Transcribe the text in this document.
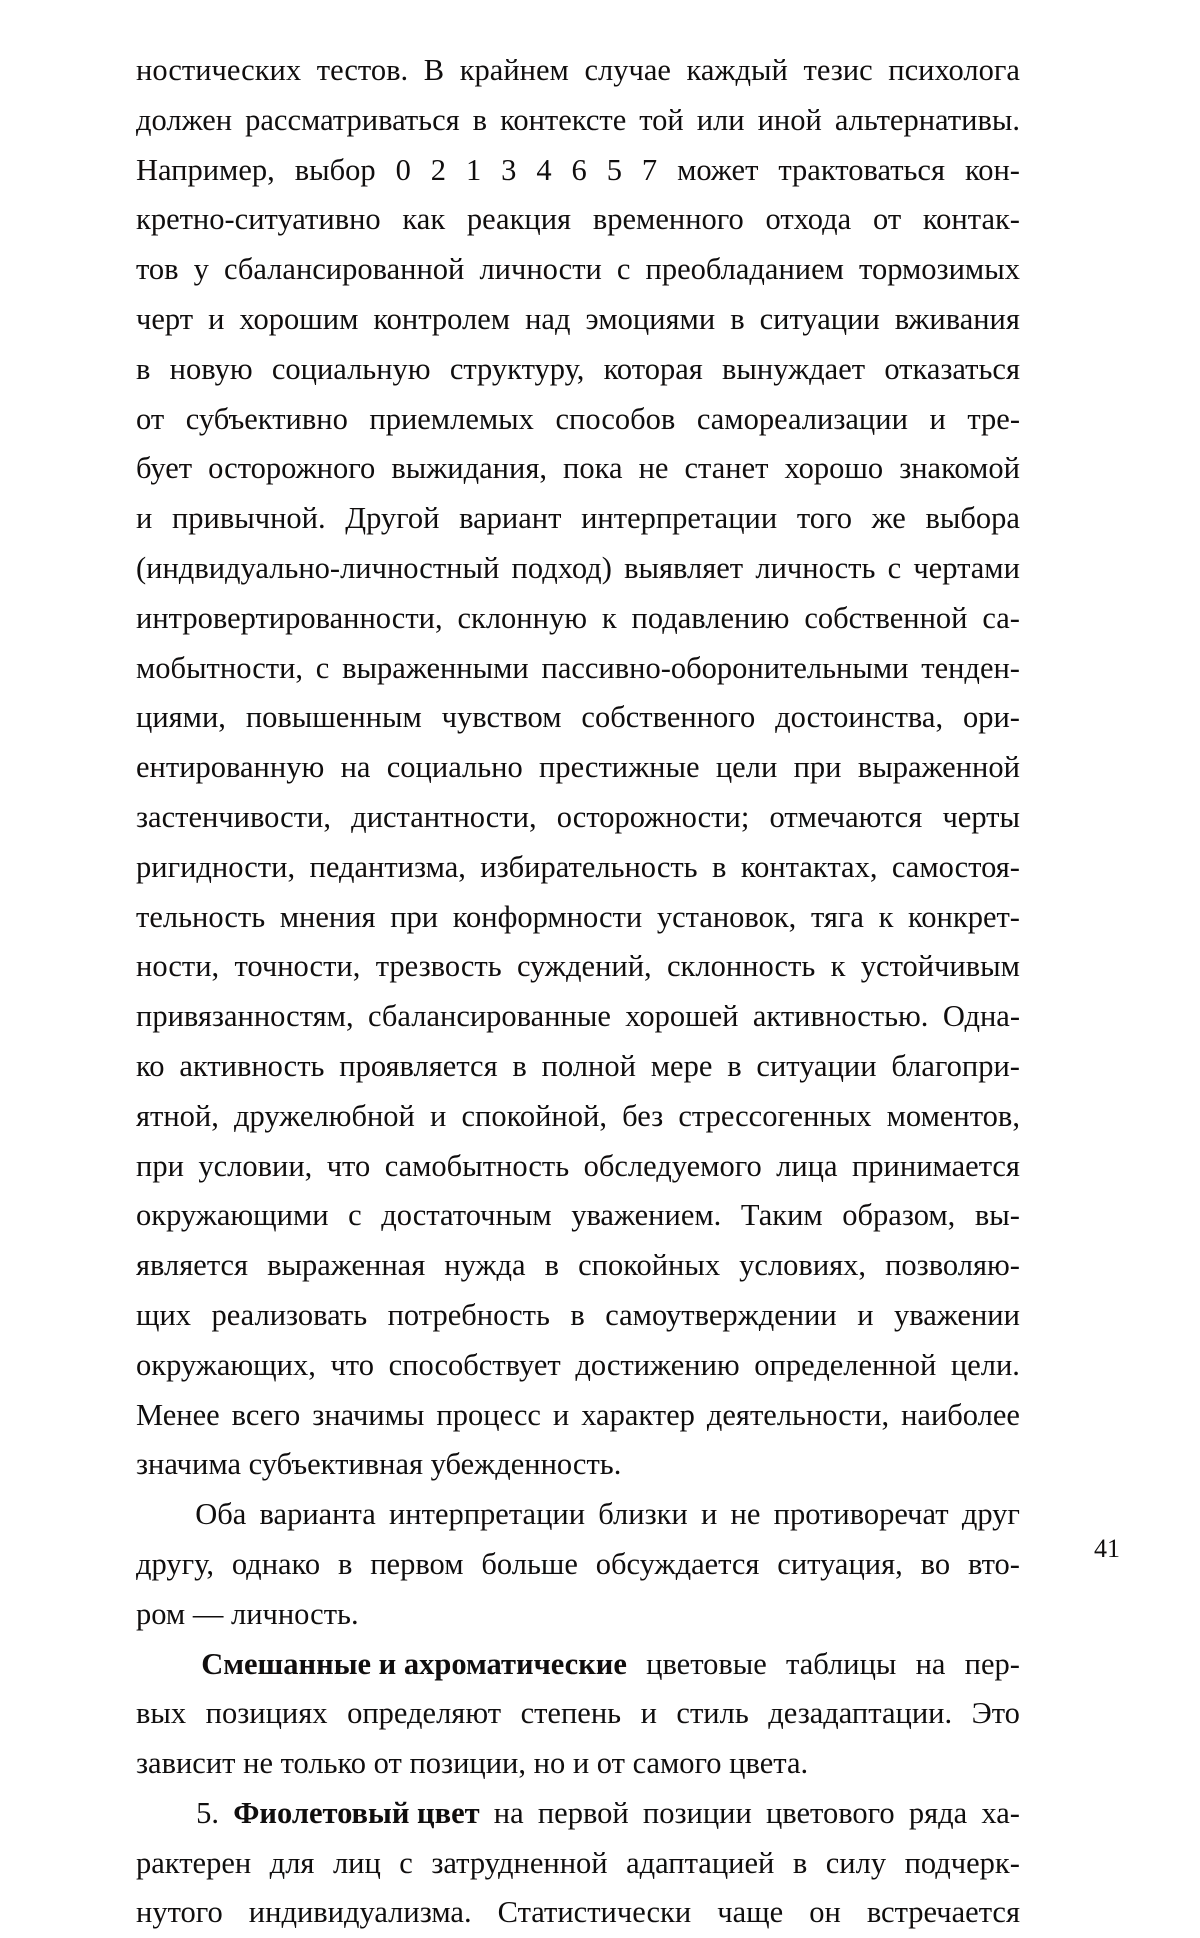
ностических тестов. В крайнем случае каждый тезис психолога
должен рассматриваться в контексте той или иной альтернативы.
Например, выбор 0 2 1 3 4 6 5 7 может трактоваться кон-
кретно-ситуативно как реакция временного отхода от контак-
тов у сбалансированной личности с преобладанием тормозимых
черт и хорошим контролем над эмоциями в ситуации вживания
в новую социальную структуру, которая вынуждает отказаться
от субъективно приемлемых способов самореализации и тре-
бует осторожного выжидания, пока не станет хорошо знакомой
и привычной. Другой вариант интерпретации того же выбора
(индвидуально-личностный подход) выявляет личность с чертами
интровертированности, склонную к подавлению собственной са-
мобытности, с выраженными пассивно-оборонительными тенден-
циями, повышенным чувством собственного достоинства, ори-
ентированную на социально престижные цели при выраженной
застенчивости, дистантности, осторожности; отмечаются черты
ригидности, педантизма, избирательность в контактах, самостоя-
тельность мнения при конформности установок, тяга к конкрет-
ности, точности, трезвость суждений, склонность к устойчивым
привязанностям, сбалансированные хорошей активностью. Одна-
ко активность проявляется в полной мере в ситуации благопри-
ятной, дружелюбной и спокойной, без стрессогенных моментов,
при условии, что самобытность обследуемого лица принимается
окружающими с достаточным уважением. Таким образом, вы-
является выраженная нужда в спокойных условиях, позволяю-
щих реализовать потребность в самоутверждении и уважении
окружающих, что способствует достижению определенной цели.
Менее всего значимы процесс и характер деятельности, наиболее
значима субъективная убежденность.

Оба варианта интерпретации близки и не противоречат друг
другу, однако в первом больше обсуждается ситуация, во вто-
ром — личность.

Смешанные и ахроматические цветовые таблицы на пер-
вых позициях определяют степень и стиль дезадаптации. Это
зависит не только от позиции, но и от самого цвета.

5. Фиолетовый цвет на первой позиции цветового ряда ха-
рактерен для лиц с затрудненной адаптацией в силу подчерк-
нутого индивидуализма. Статистически чаще он встречается

41
